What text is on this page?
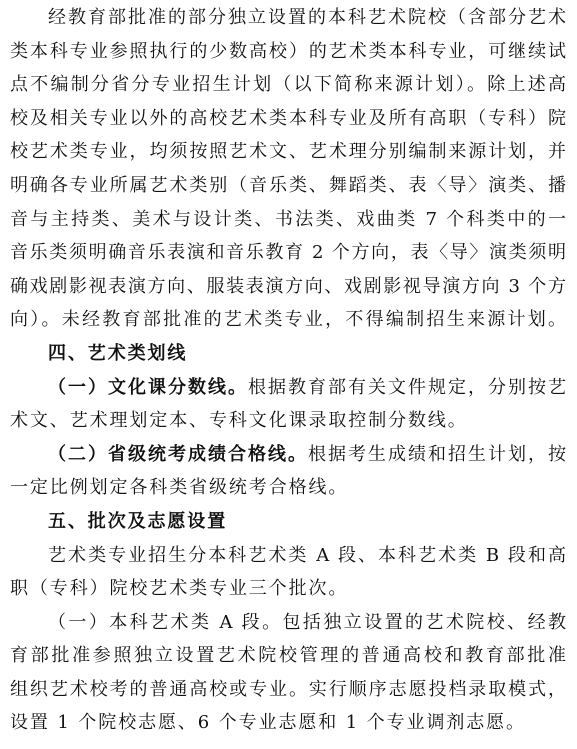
经教育部批准的部分独立设置的本科艺术院校（含部分艺术
类本科专业参照执行的少数高校）的艺术类本科专业，可继续试
点不编制分省分专业招生计划（以下简称来源计划）。除上述高
校及相关专业以外的高校艺术类本科专业及所有高职（专科）院
校艺术类专业，均须按照艺术文、艺术理分别编制来源计划，并
明确各专业所属艺术类别（音乐类、舞蹈类、表〈导〉演类、播
音与主持类、美术与设计类、书法类、戏曲类 7 个科类中的一
音乐类须明确音乐表演和音乐教育 2 个方向，表〈导〉演类须明
确戏剧影视表演方向、服装表演方向、戏剧影视导演方向 3 个方
向）。未经教育部批准的艺术类专业，不得编制招生来源计划。
四、艺术类划线
（一）文化课分数线。根据教育部有关文件规定，分别按艺
术文、艺术理划定本、专科文化课录取控制分数线。
（二）省级统考成绩合格线。根据考生成绩和招生计划，按
一定比例划定各科类省级统考合格线。
五、批次及志愿设置
艺术类专业招生分本科艺术类 A 段、本科艺术类 B 段和高
职（专科）院校艺术类专业三个批次。
（一）本科艺术类 A 段。包括独立设置的艺术院校、经教
育部批准参照独立设置艺术院校管理的普通高校和教育部批准
组织艺术校考的普通高校或专业。实行顺序志愿投档录取模式，
设置 1 个院校志愿、6 个专业志愿和 1 个专业调剂志愿。
